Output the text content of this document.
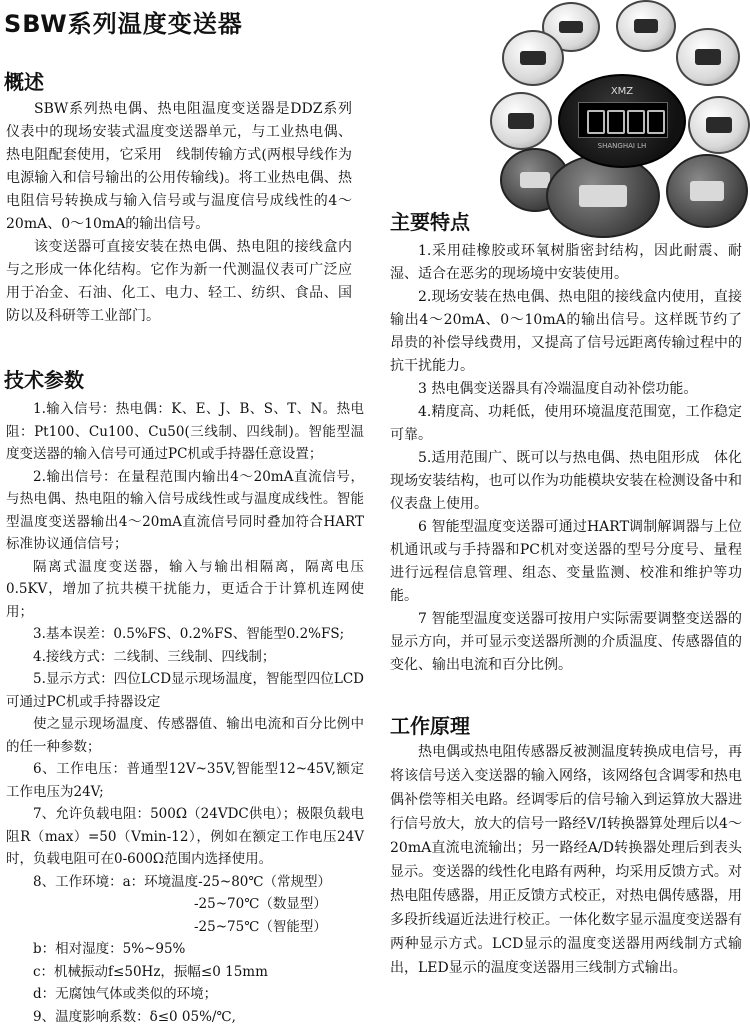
SBW系列温度变送器
XMZ
SHANGHAI LH
概述

SBW系列热电偶、热电阻温度变送器是DDZ系列仪表中的现场安装式温度变送器单元，与工业热电偶、热电阻配套使用，它采用　线制传输方式(两根导线作为电源输入和信号输出的公用传输线)。将工业热电偶、热电阻信号转换成与输入信号或与温度信号成线性的4～20mA、0～10mA的输出信号。

该变送器可直接安装在热电偶、热电阻的接线盒内与之形成一体化结构。它作为新一代测温仪表可广泛应用于冶金、石油、化工、电力、轻工、纺织、食品、国防以及科研等工业部门。

技术参数

1.输入信号：热电偶：K、E、J、B、S、T、N。热电阻：Pt100、Cu100、Cu50(三线制、四线制)。智能型温度变送器的输入信号可通过PC机或手持器任意设置；

2.输出信号：在量程范围内输出4～20mA直流信号，与热电偶、热电阻的输入信号成线性或与温度成线性。智能型温度变送器输出4～20mA直流信号同时叠加符合HART标准协议通信信号；

隔离式温度变送器，输入与输出相隔离，隔离电压0.5KV，增加了抗共模干扰能力，更适合于计算机连网使用；

3.基本误差：0.5%FS、0.2%FS、智能型0.2%FS;

4.接线方式：二线制、三线制、四线制；

5.显示方式：四位LCD显示现场温度，智能型四位LCD可通过PC机或手持器设定

使之显示现场温度、传感器值、输出电流和百分比例中的任一种参数；

6、工作电压：普通型12V~35V,智能型12~45V,额定工作电压为24V;

7、允许负载电阻：500Ω（24VDC供电）；极限负载电阻R（max）=50（Vmin-12），例如在额定工作电压24V时，负载电阻可在0-600Ω范围内选择使用。

8、工作环境：a：环境温度-25~80℃（常规型）

-25~70℃（数显型）

-25~75℃（智能型）

b：相对湿度：5%~95%

c：机械振动f≤50Hz，振幅≤0 15mm

d：无腐蚀气体或类似的环境；

9、温度影响系数：δ≤0 05%/℃,

主要特点

1.采用硅橡胶或环氧树脂密封结构，因此耐震、耐湿、适合在恶劣的现场境中安装使用。

2.现场安装在热电偶、热电阻的接线盒内使用，直接输出4～20mA、0～10mA的输出信号。这样既节约了昂贵的补偿导线费用，又提高了信号远距离传输过程中的抗干扰能力。

3 热电偶变送器具有冷端温度自动补偿功能。

4.精度高、功耗低，使用环境温度范围宽，工作稳定可靠。

5.适用范围广、既可以与热电偶、热电阻形成　体化现场安装结构，也可以作为功能模块安装在检测设备中和仪表盘上使用。

6 智能型温度变送器可通过HART调制解调器与上位机通讯或与手持器和PC机对变送器的型号分度号、量程进行远程信息管理、组态、变量监测、校准和维护等功能。

7 智能型温度变送器可按用户实际需要调整变送器的显示方向，并可显示变送器所测的介质温度、传感器值的变化、输出电流和百分比例。

工作原理

热电偶或热电阻传感器反被测温度转换成电信号，再将该信号送入变送器的输入网络，该网络包含调零和热电偶补偿等相关电路。经调零后的信号输入到运算放大器进行信号放大，放大的信号一路经V/I转换器算处理后以4～20mA直流电流输出；另一路经A/D转换器处理后到表头显示。变送器的线性化电路有两种，均采用反馈方式。对热电阻传感器，用正反馈方式校正，对热电偶传感器，用多段折线逼近法进行校正。一体化数字显示温度变送器有两种显示方式。LCD显示的温度变送器用两线制方式输出，LED显示的温度变送器用三线制方式输出。
